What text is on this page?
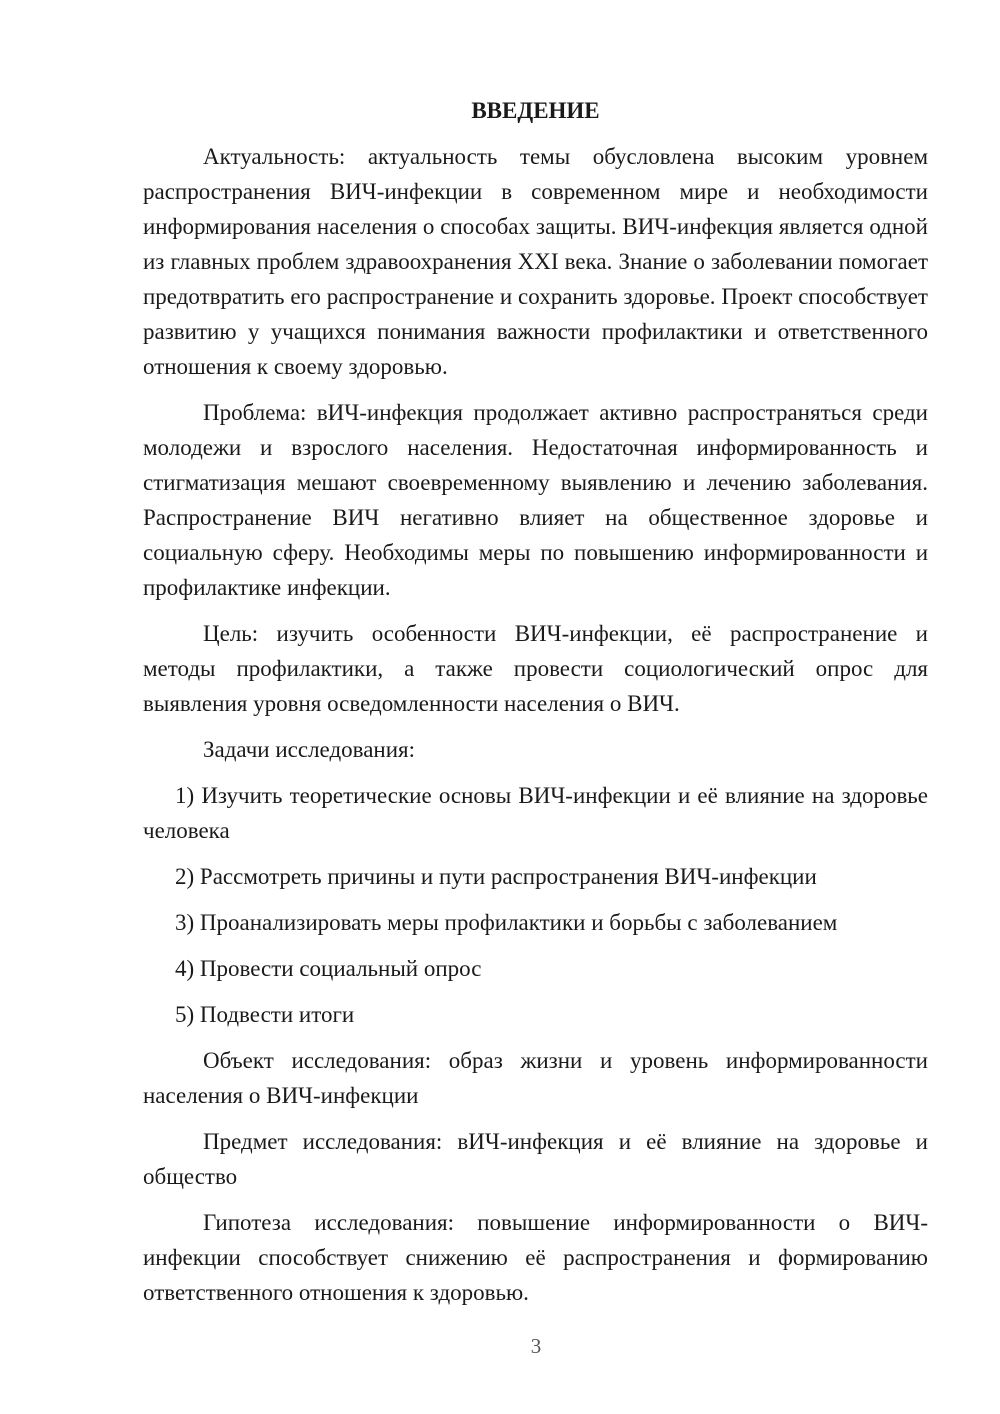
ВВЕДЕНИЕ

Актуальность: актуальность темы обусловлена высоким уровнем распространения ВИЧ-инфекции в современном мире и необходимости информирования населения о способах защиты. ВИЧ-инфекция является одной из главных проблем здравоохранения XXI века. Знание о заболевании помогает предотвратить его распространение и сохранить здоровье. Проект способствует развитию у учащихся понимания важности профилактики и ответственного отношения к своему здоровью.

Проблема: вИЧ-инфекция продолжает активно распространяться среди молодежи и взрослого населения. Недостаточная информированность и стигматизация мешают своевременному выявлению и лечению заболевания. Распространение ВИЧ негативно влияет на общественное здоровье и социальную сферу. Необходимы меры по повышению информированности и профилактике инфекции.

Цель: изучить особенности ВИЧ-инфекции, её распространение и методы профилактики, а также провести социологический опрос для выявления уровня осведомленности населения о ВИЧ.

Задачи исследования:

1) Изучить теоретические основы ВИЧ-инфекции и её влияние на здоровье человека

2) Рассмотреть причины и пути распространения ВИЧ-инфекции

3) Проанализировать меры профилактики и борьбы с заболеванием

4) Провести социальный опрос

5) Подвести итоги

Объект исследования: образ жизни и уровень информированности населения о ВИЧ-инфекции

Предмет исследования: вИЧ-инфекция и её влияние на здоровье и общество

Гипотеза исследования: повышение информированности о ВИЧ-инфекции способствует снижению её распространения и формированию ответственного отношения к здоровью.

3
